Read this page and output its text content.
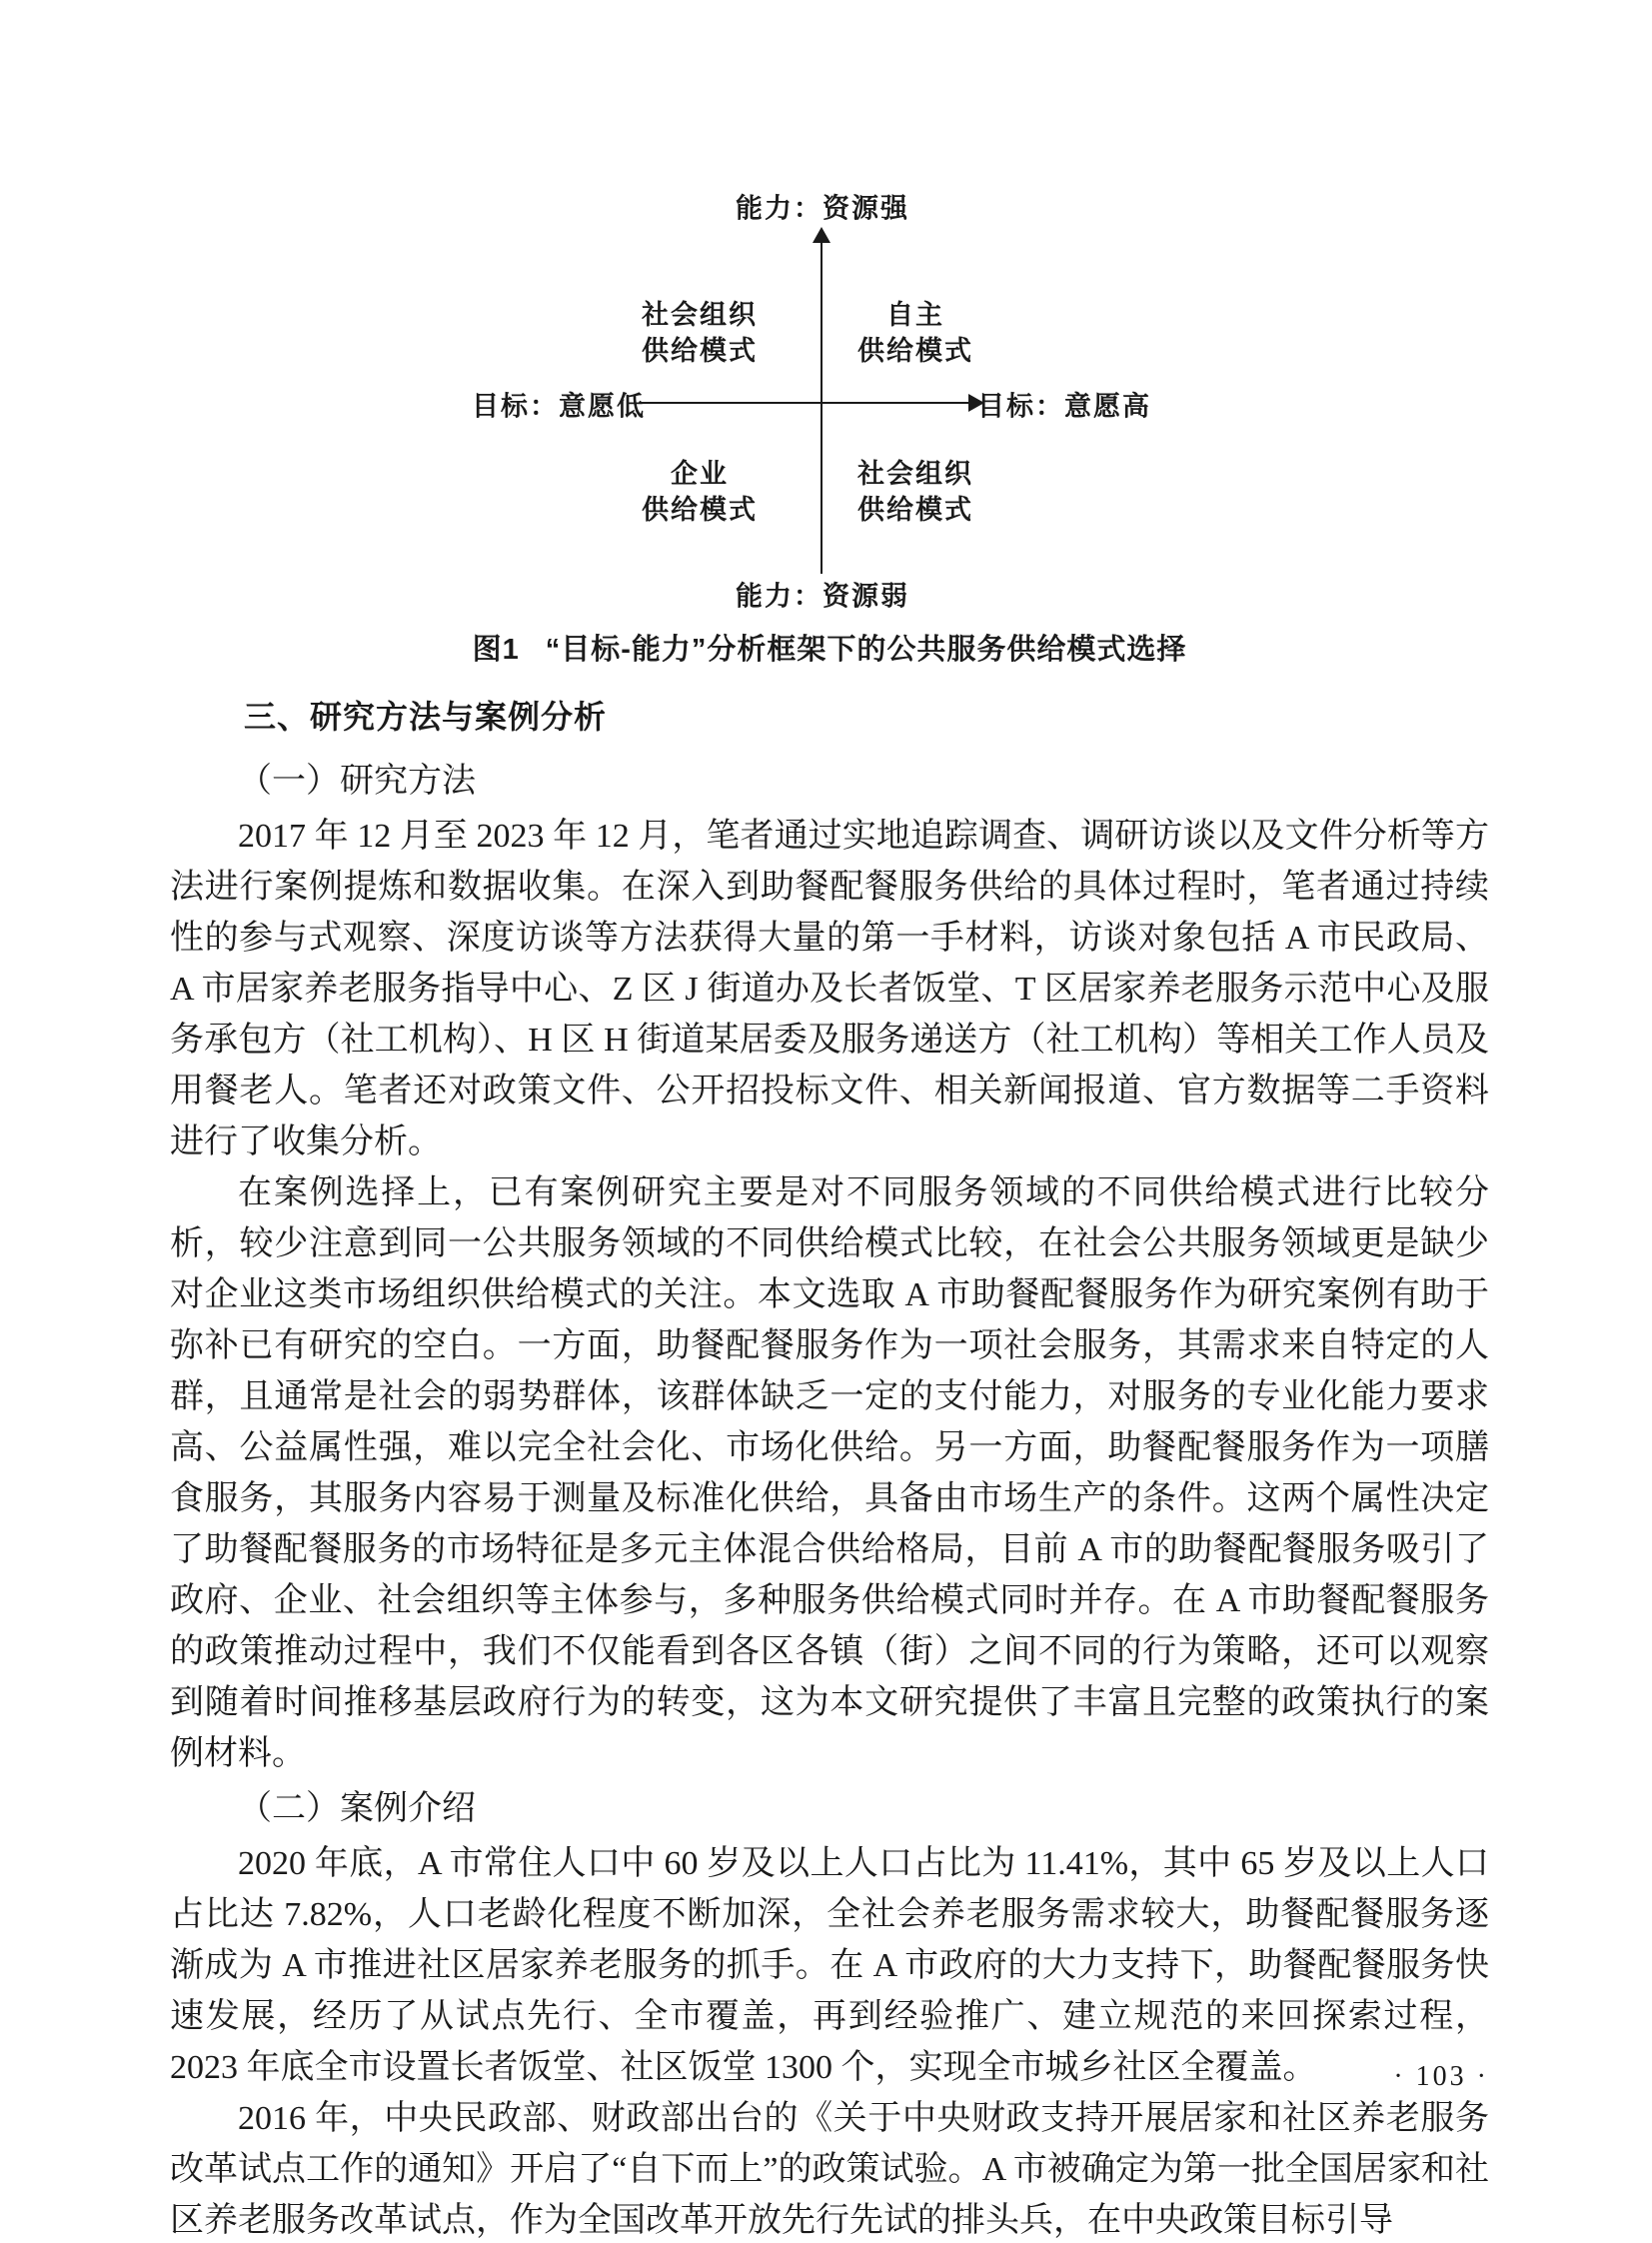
能力：资源强
能力：资源弱
目标：意愿低	目标：意愿高
社会组织
供给模式
自主
供给模式
企业
供给模式
社会组织
供给模式
图1 “目标-能力”分析框架下的公共服务供给模式选择
三、研究方法与案例分析
（一）研究方法

2017 年 12 月至 2023 年 12 月，笔者通过实地追踪调查、调研访谈以及文件分析等方法进行案例提炼和数据收集。在深入到助餐配餐服务供给的具体过程时，笔者通过持续性的参与式观察、深度访谈等方法获得大量的第一手材料，访谈对象包括 A 市民政局、A 市居家养老服务指导中心、Z 区 J 街道办及长者饭堂、T 区居家养老服务示范中心及服务承包方（社工机构）、H 区 H 街道某居委及服务递送方（社工机构）等相关工作人员及用餐老人。笔者还对政策文件、公开招投标文件、相关新闻报道、官方数据等二手资料进行了收集分析。

在案例选择上，已有案例研究主要是对不同服务领域的不同供给模式进行比较分析，较少注意到同一公共服务领域的不同供给模式比较，在社会公共服务领域更是缺少对企业这类市场组织供给模式的关注。本文选取 A 市助餐配餐服务作为研究案例有助于弥补已有研究的空白。一方面，助餐配餐服务作为一项社会服务，其需求来自特定的人群，且通常是社会的弱势群体，该群体缺乏一定的支付能力，对服务的专业化能力要求高、公益属性强，难以完全社会化、市场化供给。另一方面，助餐配餐服务作为一项膳食服务，其服务内容易于测量及标准化供给，具备由市场生产的条件。这两个属性决定了助餐配餐服务的市场特征是多元主体混合供给格局，目前 A 市的助餐配餐服务吸引了政府、企业、社会组织等主体参与，多种服务供给模式同时并存。在 A 市助餐配餐服务的政策推动过程中，我们不仅能看到各区各镇（街）之间不同的行为策略，还可以观察到随着时间推移基层政府行为的转变，这为本文研究提供了丰富且完整的政策执行的案例材料。

（二）案例介绍

2020 年底，A 市常住人口中 60 岁及以上人口占比为 11.41%，其中 65 岁及以上人口占比达 7.82%，人口老龄化程度不断加深，全社会养老服务需求较大，助餐配餐服务逐渐成为 A 市推进社区居家养老服务的抓手。在 A 市政府的大力支持下，助餐配餐服务快速发展，经历了从试点先行、全市覆盖，再到经验推广、建立规范的来回探索过程，2023 年底全市设置长者饭堂、社区饭堂 1300 个，实现全市城乡社区全覆盖。

2016 年，中央民政部、财政部出台的《关于中央财政支持开展居家和社区养老服务改革试点工作的通知》开启了“自下而上”的政策试验。A 市被确定为第一批全国居家和社区养老服务改革试点，作为全国改革开放先行先试的排头兵，在中央政策目标引导

· 103 ·
